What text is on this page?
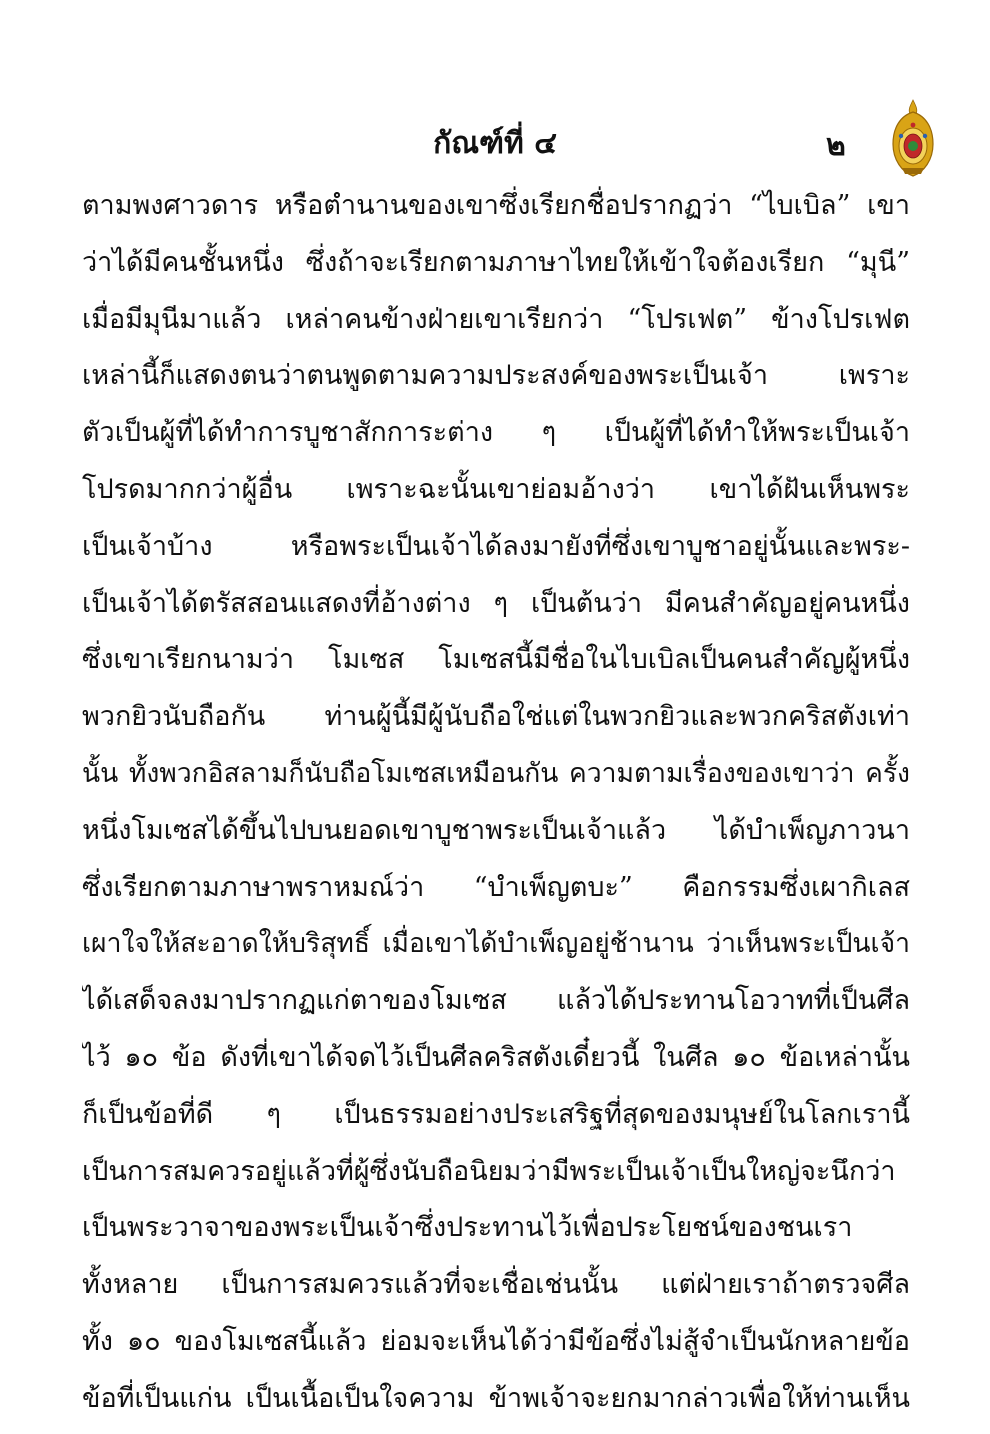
กัณฑ์ที่ ๔	๒
ตามพงศาวดาร หรือตำนานของเขาซึ่งเรียกชื่อปรากฏว่า “ไบเบิล” เขา
ว่าได้มีคนชั้นหนึ่ง ซึ่งถ้าจะเรียกตามภาษาไทยให้เข้าใจต้องเรียก “มุนี”
เมื่อมีมุนีมาแล้ว เหล่าคนข้างฝ่ายเขาเรียกว่า “โปรเฟต” ข้างโปรเฟต
เหล่านี้ก็แสดงตนว่าตนพูดตามความประสงค์ของพระเป็นเจ้า เพราะ
ตัวเป็นผู้ที่ได้ทำการบูชาสักการะต่าง ๆ เป็นผู้ที่ได้ทำให้พระเป็นเจ้า
โปรดมากกว่าผู้อื่น เพราะฉะนั้นเขาย่อมอ้างว่า เขาได้ฝันเห็นพระ
เป็นเจ้าบ้าง หรือพระเป็นเจ้าได้ลงมายังที่ซึ่งเขาบูชาอยู่นั้นและพระ-
เป็นเจ้าได้ตรัสสอนแสดงที่อ้างต่าง ๆ เป็นต้นว่า มีคนสำคัญอยู่คนหนึ่ง
ซึ่งเขาเรียกนามว่า โมเซส โมเซสนี้มีชื่อในไบเบิลเป็นคนสำคัญผู้หนึ่ง
พวกยิวนับถือกัน ท่านผู้นี้มีผู้นับถือใช่แต่ในพวกยิวและพวกคริสตังเท่า
นั้น ทั้งพวกอิสลามก็นับถือโมเซสเหมือนกัน ความตามเรื่องของเขาว่า ครั้ง
หนึ่งโมเซสได้ขึ้นไปบนยอดเขาบูชาพระเป็นเจ้าแล้ว ได้บำเพ็ญภาวนา
ซึ่งเรียกตามภาษาพราหมณ์ว่า “บำเพ็ญตบะ” คือกรรมซึ่งเผากิเลส
เผาใจให้สะอาดให้บริสุทธิ์ เมื่อเขาได้บำเพ็ญอยู่ช้านาน ว่าเห็นพระเป็นเจ้า
ได้เสด็จลงมาปรากฏแก่ตาของโมเซส แล้วได้ประทานโอวาทที่เป็นศีล
ไว้ ๑๐ ข้อ ดังที่เขาได้จดไว้เป็นศีลคริสตังเดี๋ยวนี้ ในศีล ๑๐ ข้อเหล่านั้น
ก็เป็นข้อที่ดี ๆ เป็นธรรมอย่างประเสริฐที่สุดของมนุษย์ในโลกเรานี้
เป็นการสมควรอยู่แล้วที่ผู้ซึ่งนับถือนิยมว่ามีพระเป็นเจ้าเป็นใหญ่จะนึกว่า
เป็นพระวาจาของพระเป็นเจ้าซึ่งประทานไว้เพื่อประโยชน์ของชนเรา
ทั้งหลาย เป็นการสมควรแล้วที่จะเชื่อเช่นนั้น แต่ฝ่ายเราถ้าตรวจศีล
ทั้ง ๑๐ ของโมเซสนี้แล้ว ย่อมจะเห็นได้ว่ามีข้อซึ่งไม่สู้จำเป็นนักหลายข้อ
ข้อที่เป็นแก่น เป็นเนื้อเป็นใจความ ข้าพเจ้าจะยกมากล่าวเพื่อให้ท่านเห็น
